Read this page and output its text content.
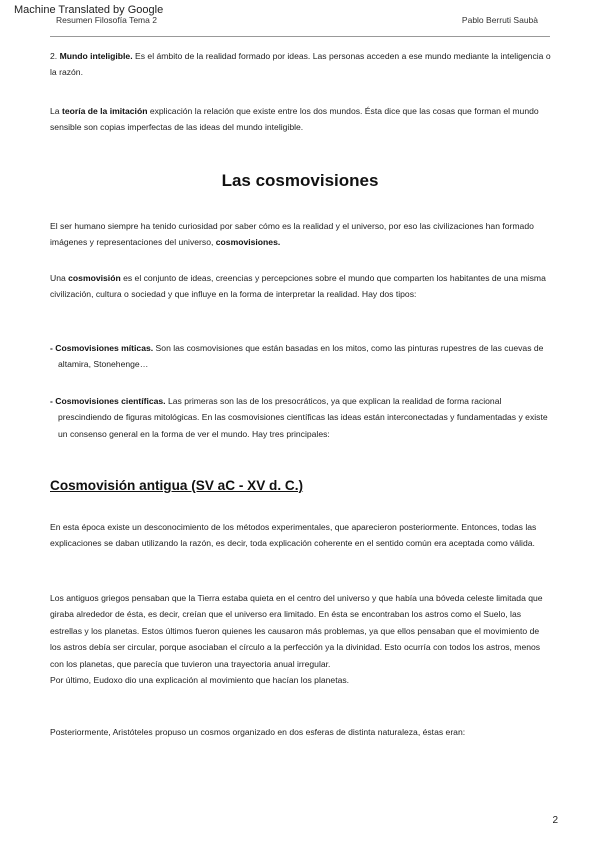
Machine Translated by Google
Resumen Filosofía Tema 2	Pablo Berruti Saubà

2. Mundo inteligible. Es el ámbito de la realidad formado por ideas. Las personas acceden a ese mundo mediante la inteligencia o la razón.

La teoría de la imitación explicación la relación que existe entre los dos mundos. Ésta dice que las cosas que forman el mundo sensible son copias imperfectas de las ideas del mundo inteligible.

Las cosmovisiones

El ser humano siempre ha tenido curiosidad por saber cómo es la realidad y el universo, por eso las civilizaciones han formado imágenes y representaciones del universo, cosmovisiones.

Una cosmovisión es el conjunto de ideas, creencias y percepciones sobre el mundo que comparten los habitantes de una misma civilización, cultura o sociedad y que influye en la forma de interpretar la realidad. Hay dos tipos:

- Cosmovisiones míticas. Son las cosmovisiones que están basadas en los mitos, como las pinturas rupestres de las cuevas de altamira, Stonehenge…

- Cosmovisiones científicas. Las primeras son las de los presocráticos, ya que explican la realidad de forma racional prescindiendo de figuras mitológicas. En las cosmovisiones científicas las ideas están interconectadas y fundamentadas y existe un consenso general en la forma de ver el mundo. Hay tres principales:

Cosmovisión antigua (SV aC - XV d. C.)

En esta época existe un desconocimiento de los métodos experimentales, que aparecieron posteriormente. Entonces, todas las explicaciones se daban utilizando la razón, es decir, toda explicación coherente en el sentido común era aceptada como válida.

Los antiguos griegos pensaban que la Tierra estaba quieta en el centro del universo y que había una bóveda celeste limitada que giraba alrededor de ésta, es decir, creían que el universo era limitado. En ésta se encontraban los astros como el Suelo, las estrellas y los planetas. Estos últimos fueron quienes les causaron más problemas, ya que ellos pensaban que el movimiento de los astros debía ser circular, porque asociaban el círculo a la perfección ya la divinidad. Esto ocurría con todos los astros, menos con los planetas, que parecía que tuvieron una trayectoria anual irregular.

Por último, Eudoxo dio una explicación al movimiento que hacían los planetas.

Posteriormente, Aristóteles propuso un cosmos organizado en dos esferas de distinta naturaleza, éstas eran:

2
